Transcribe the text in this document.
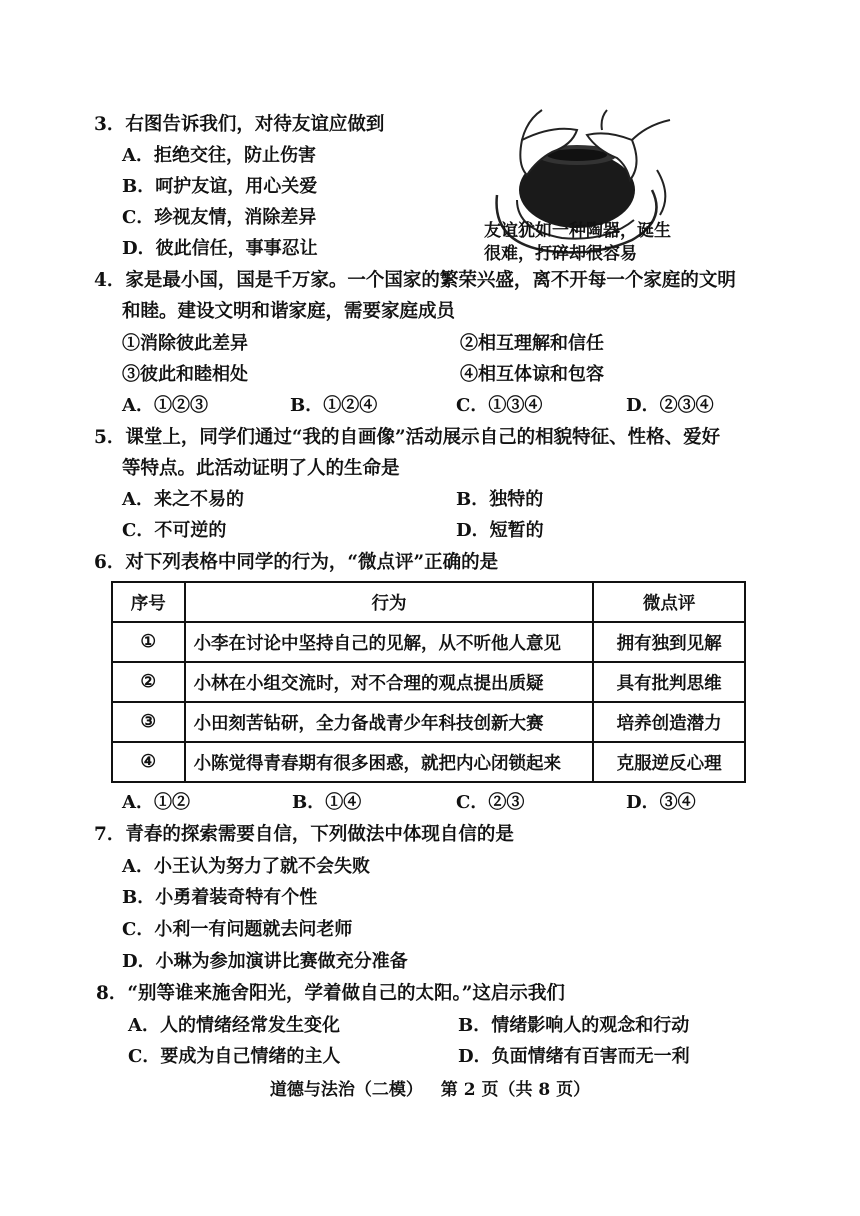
3．右图告诉我们，对待友谊应做到
A．拒绝交往，防止伤害
B．呵护友谊，用心关爱
C．珍视友情，消除差异
D．彼此信任，事事忍让
友谊犹如一种陶器，诞生很难，打碎却很容易
4．家是最小国，国是千万家。一个国家的繁荣兴盛，离不开每一个家庭的文明
和睦。建设文明和谐家庭，需要家庭成员
①消除彼此差异	②相互理解和信任
③彼此和睦相处	④相互体谅和包容
A．①②③	B．①②④	C．①③④	D．②③④
5．课堂上，同学们通过“我的自画像”活动展示自己的相貌特征、性格、爱好
等特点。此活动证明了人的生命是
A．来之不易的	B．独特的
C．不可逆的	D．短暂的
6．对下列表格中同学的行为，“微点评”正确的是
序号	行为	微点评
①	小李在讨论中坚持自己的见解，从不听他人意见	拥有独到见解
②	小林在小组交流时，对不合理的观点提出质疑	具有批判思维
③	小田刻苦钻研，全力备战青少年科技创新大赛	培养创造潜力
④	小陈觉得青春期有很多困惑，就把内心闭锁起来	克服逆反心理
A．①②	B．①④	C．②③	D．③④
7．青春的探索需要自信，下列做法中体现自信的是
A．小王认为努力了就不会失败
B．小勇着装奇特有个性
C．小利一有问题就去问老师
D．小琳为参加演讲比赛做充分准备
8．“别等谁来施舍阳光，学着做自己的太阳。”这启示我们
A．人的情绪经常发生变化	B．情绪影响人的观念和行动
C．要成为自己情绪的主人	D．负面情绪有百害而无一利
道德与法治（二模） 第 2 页（共 8 页）
